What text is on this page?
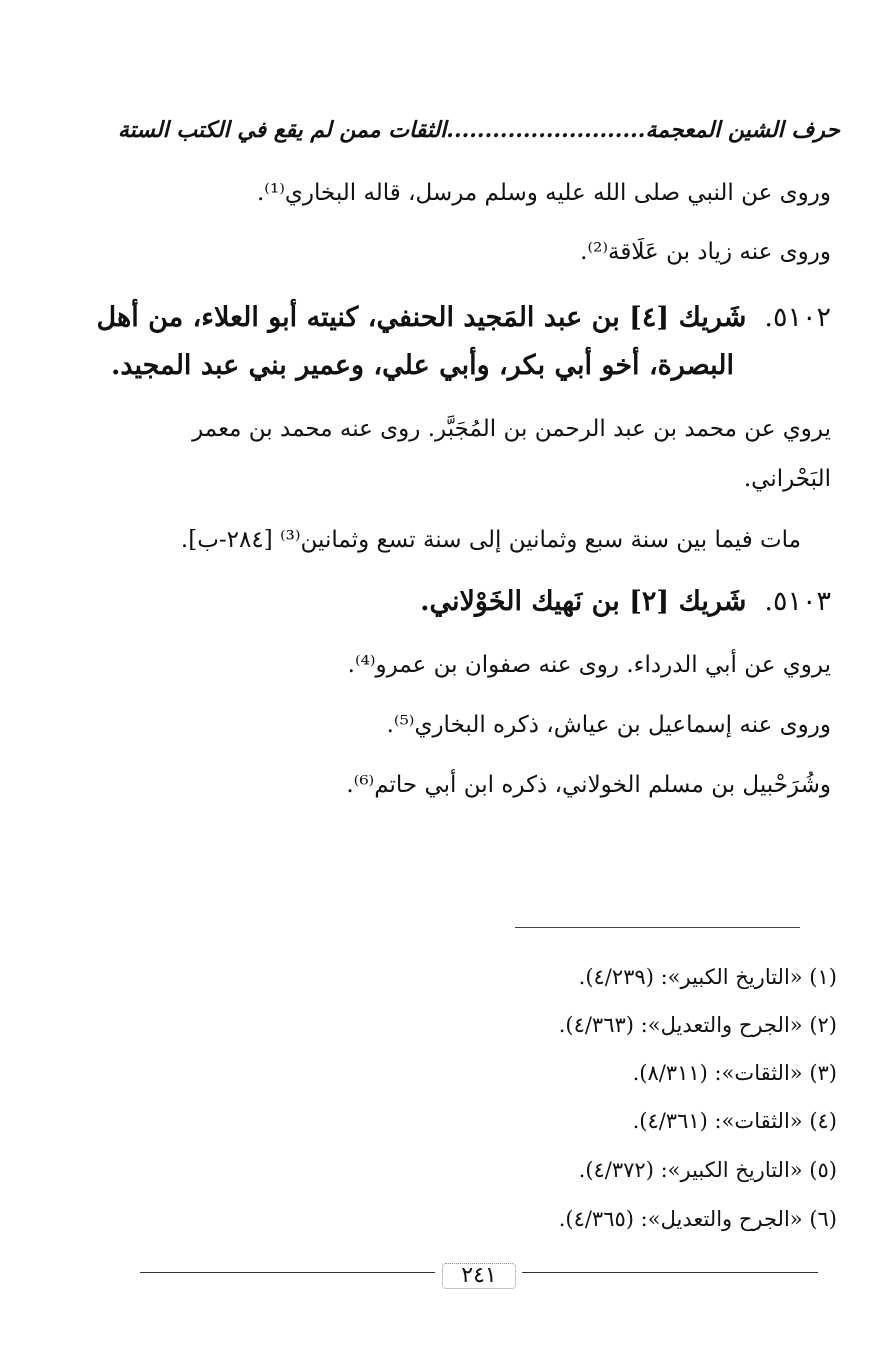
حرف الشين المعجمة..........................الثقات ممن لم يقع في الكتب الستة
وروى عن النبي صلى الله عليه وسلم مرسل، قاله البخاري⁽¹⁾.
وروى عنه زياد بن عَلَاقة⁽²⁾.
٥١٠٢.شَريك [٤] بن عبد المَجيد الحنفي، كنيته أبو العلاء، من أهل
البصرة، أخو أبي بكر، وأبي علي، وعمير بني عبد المجيد.
يروي عن محمد بن عبد الرحمن بن المُجَبَّر. روى عنه محمد بن معمر
البَحْراني.
مات فيما بين سنة سبع وثمانين إلى سنة تسع وثمانين⁽³⁾ [٢٨٤-ب].
٥١٠٣.شَريك [٢] بن نَهيك الخَوْلاني.
يروي عن أبي الدرداء. روى عنه صفوان بن عمرو⁽⁴⁾.
وروى عنه إسماعيل بن عياش، ذكره البخاري⁽⁵⁾.
وشُرَحْبيل بن مسلم الخولاني، ذكره ابن أبي حاتم⁽⁶⁾.
(١) «التاريخ الكبير»: (٤/٢٣٩).
(٢) «الجرح والتعديل»: (٤/٣٦٣).
(٣) «الثقات»: (٨/٣١١).
(٤) «الثقات»: (٤/٣٦١).
(٥) «التاريخ الكبير»: (٤/٣٧٢).
(٦) «الجرح والتعديل»: (٤/٣٦٥).
٢٤١
